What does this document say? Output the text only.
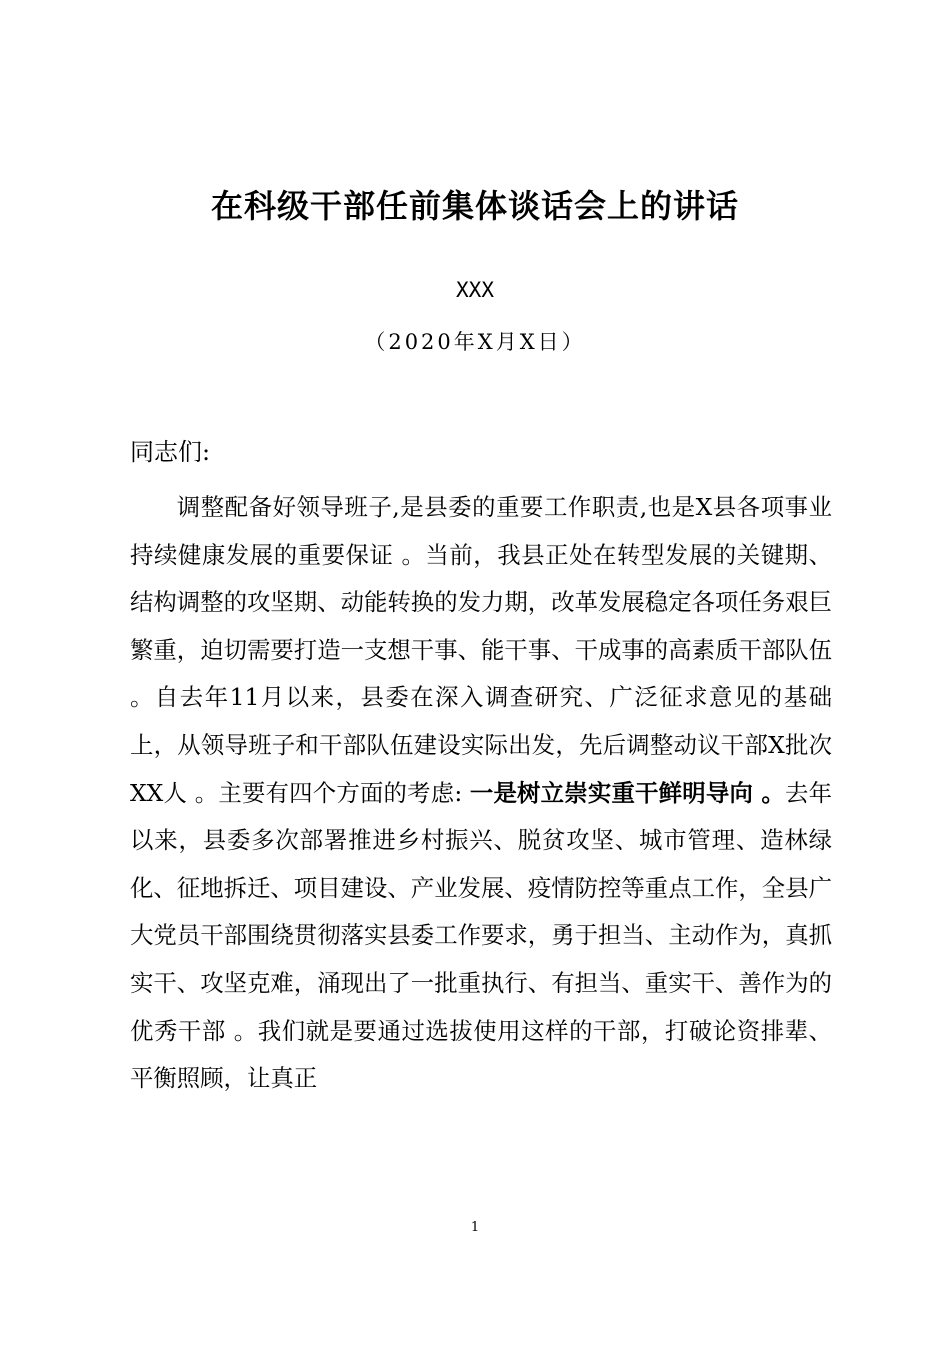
在科级干部任前集体谈话会上的讲话
XXX
（2020年X月X日）
同志们:

调整配备好领导班子,是县委的重要工作职责,也是X县各项事业持续健康发展的重要保证 。当前，我县正处在转型发展的关键期、结构调整的攻坚期、动能转换的发力期，改革发展稳定各项任务艰巨繁重，迫切需要打造一支想干事、能干事、干成事的高素质干部队伍 。自去年11月以来，县委在深入调查研究、广泛征求意见的基础上，从领导班子和干部队伍建设实际出发，先后调整动议干部X批次XX人 。主要有四个方面的考虑: 一是树立崇实重干鲜明导向 。去年以来，县委多次部署推进乡村振兴、脱贫攻坚、城市管理、造林绿化、征地拆迁、项目建设、产业发展、疫情防控等重点工作，全县广大党员干部围绕贯彻落实县委工作要求，勇于担当、主动作为，真抓实干、攻坚克难，涌现出了一批重执行、有担当、重实干、善作为的优秀干部 。我们就是要通过选拔使用这样的干部，打破论资排辈、平衡照顾，让真正

1
